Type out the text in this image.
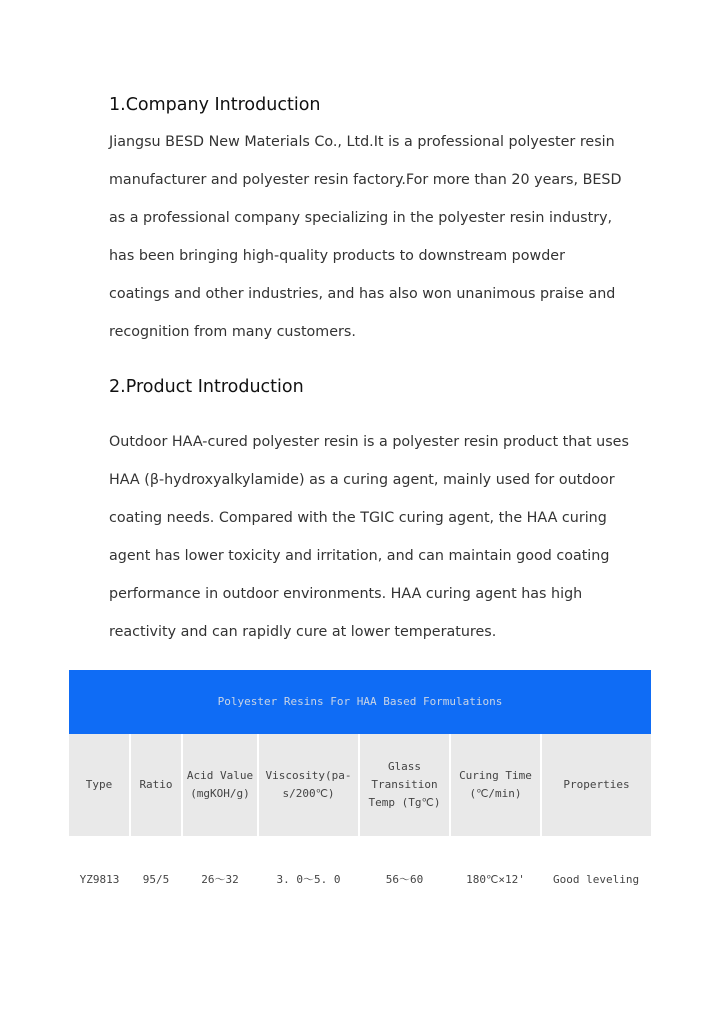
1.Company Introduction
Jiangsu BESD New Materials Co., Ltd.It is a professional polyester resin
manufacturer and polyester resin factory.For more than 20 years, BESD
as a professional company specializing in the polyester resin industry,
has been bringing high-quality products to downstream powder
coatings and other industries, and has also won unanimous praise and
recognition from many customers.
2.Product Introduction
Outdoor HAA-cured polyester resin is a polyester resin product that uses
HAA (β-hydroxyalkylamide) as a curing agent, mainly used for outdoor
coating needs. Compared with the TGIC curing agent, the HAA curing
agent has lower toxicity and irritation, and can maintain good coating
performance in outdoor environments. HAA curing agent has high
reactivity and can rapidly cure at lower temperatures.
Polyester Resins For HAA Based Formulations						
Type	Ratio	Acid Value (mgKOH/g)	Viscosity(pa-s/200℃)	Glass Transition Temp (Tg℃)	Curing Time (℃/min)	Properties
YZ9813	95/5	26～32	3. 0～5. 0	56～60	180℃×12'	Good leveling
